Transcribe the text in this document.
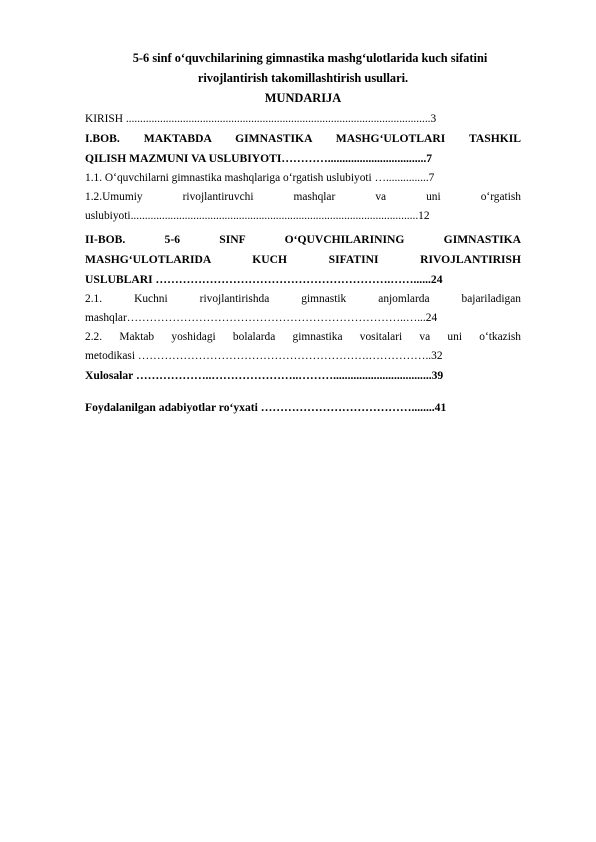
5-6 sinf o‘quvchilarining gimnastika mashg‘ulotlarida kuch sifatini
rivojlantirish takomillashtirish usullari.
MUNDARIJA
KIRISH ...........................................................................................................3
I.BOB. MAKTABDA GIMNASTIKA MASHG‘ULOTLARI TASHKIL
QILISH MAZMUNI VA USLUBIYOTI…………..................................7
1.1. O‘quvchilarni gimnastika mashqlariga o‘rgatish uslubiyoti …...............7
1.2.Umumiy rivojlantiruvchi mashqlar va uni o‘rgatish
uslubiyoti.....................................................................................................12
II-BOB. 5-6 SINF O‘QUVCHILARINING GIMNASTIKA
MASHG‘ULOTLARIDA KUCH SIFATINI RIVOJLANTIRISH
USLUBLARI …………………………………………………….……......24
2.1. Kuchni rivojlantirishda gimnastik anjomlarda bajariladigan
mashqlar………………………………………………………………..…...24
2.2. Maktab yoshidagi bolalarda gimnastika vositalari va uni o‘tkazish
metodikasi …………………………………………………….……………..32
Xulosalar ………………..…………………..………..................................39
Foydalanilgan adabiyotlar ro‘yxati …………………………………........41
